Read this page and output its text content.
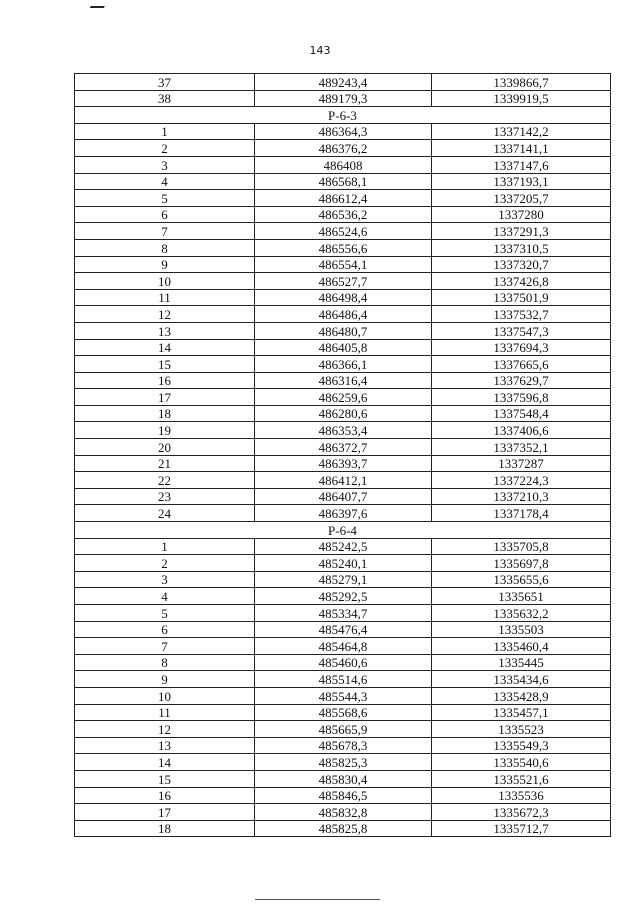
143
37	489243,4	1339866,7
38	489179,3	1339919,5
Р-6-3		
1	486364,3	1337142,2
2	486376,2	1337141,1
3	486408	1337147,6
4	486568,1	1337193,1
5	486612,4	1337205,7
6	486536,2	1337280
7	486524,6	1337291,3
8	486556,6	1337310,5
9	486554,1	1337320,7
10	486527,7	1337426,8
11	486498,4	1337501,9
12	486486,4	1337532,7
13	486480,7	1337547,3
14	486405,8	1337694,3
15	486366,1	1337665,6
16	486316,4	1337629,7
17	486259,6	1337596,8
18	486280,6	1337548,4
19	486353,4	1337406,6
20	486372,7	1337352,1
21	486393,7	1337287
22	486412,1	1337224,3
23	486407,7	1337210,3
24	486397,6	1337178,4
Р-6-4		
1	485242,5	1335705,8
2	485240,1	1335697,8
3	485279,1	1335655,6
4	485292,5	1335651
5	485334,7	1335632,2
6	485476,4	1335503
7	485464,8	1335460,4
8	485460,6	1335445
9	485514,6	1335434,6
10	485544,3	1335428,9
11	485568,6	1335457,1
12	485665,9	1335523
13	485678,3	1335549,3
14	485825,3	1335540,6
15	485830,4	1335521,6
16	485846,5	1335536
17	485832,8	1335672,3
18	485825,8	1335712,7
